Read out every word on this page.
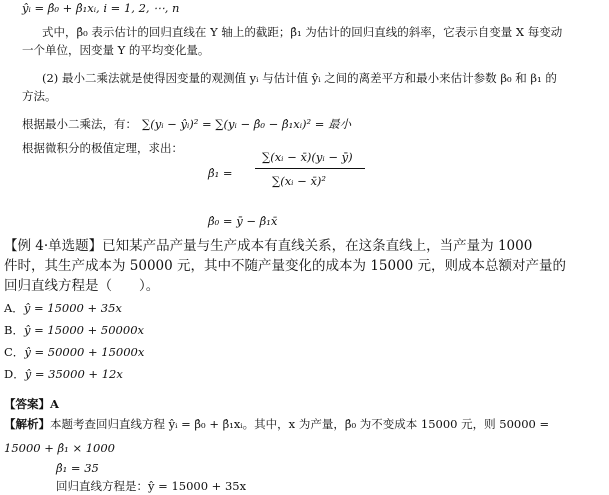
ŷᵢ = β̂₀ + β̂₁xᵢ, i = 1, 2, ⋯, n
式中，β̂₀ 表示估计的回归直线在 Y 轴上的截距；β̂₁ 为估计的回归直线的斜率，它表示自变量 X 每变动
一个单位，因变量 Y 的平均变化量。
(2) 最小二乘法就是使得因变量的观测值 yᵢ 与估计值 ŷᵢ 之间的离差平方和最小来估计参数 β₀ 和 β₁ 的
方法。
根据最小二乘法，有： ∑(yᵢ − ŷᵢ)² = ∑(yᵢ − β̂₀ − β̂₁xᵢ)² = 最小
根据微积分的极值定理，求出：
β̂₁ =
∑(xᵢ − x̄)(yᵢ − ȳ)
∑(xᵢ − x̄)²
β̂₀ = ȳ − β̂₁x̄
【例 4·单选题】已知某产品产量与生产成本有直线关系，在这条直线上，当产量为 1000
件时，其生产成本为 50000 元，其中不随产量变化的成本为 15000 元，则成本总额对产量的
回归直线方程是（　　）。
A．ŷ = 15000 + 35x
B．ŷ = 15000 + 50000x
C．ŷ = 50000 + 15000x
D．ŷ = 35000 + 12x
【答案】A
【解析】本题考查回归直线方程 ŷᵢ = β̂₀ + β̂₁xᵢ。其中，x 为产量，β̂₀ 为不变成本 15000 元，则 50000 =
15000 + β̂₁ × 1000
β̂₁ = 35
回归直线方程是：ŷ = 15000 + 35x
